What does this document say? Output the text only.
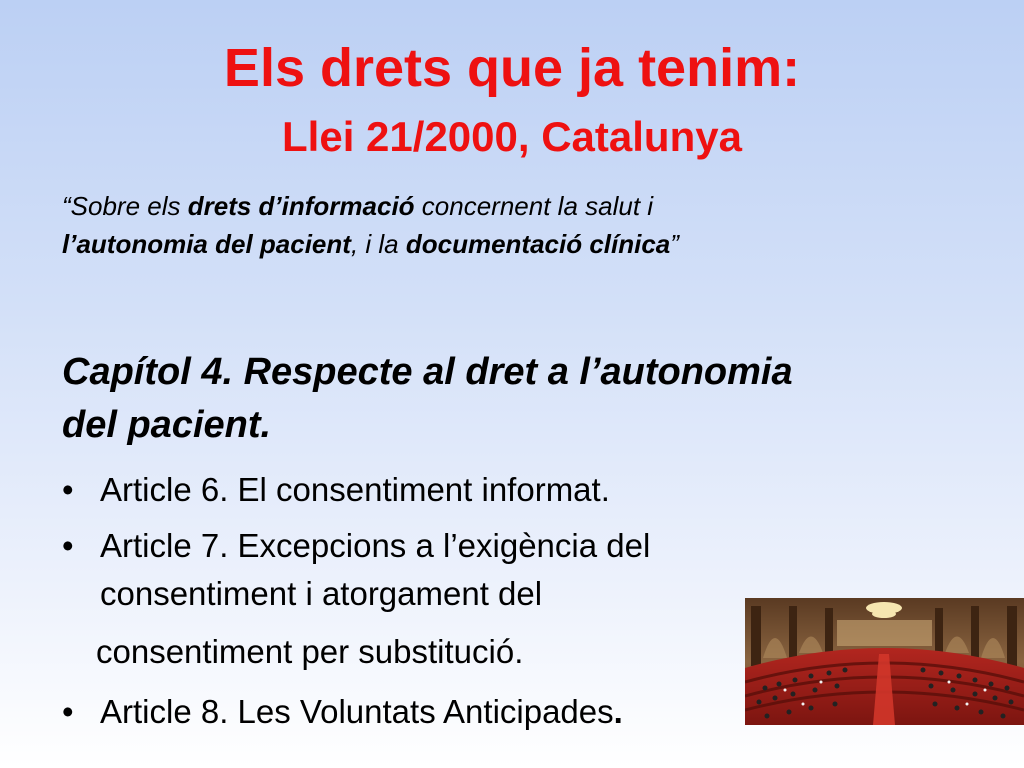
Els drets que ja tenim:
Llei 21/2000, Catalunya
“Sobre els drets d’informació concernent la salut i
l’autonomia del pacient, i la documentació clínica”
Capítol 4. Respecte al dret a l’autonomia
del pacient.
• Article 6. El consentiment informat.
• Article 7. Excepcions a l’exigència del
consentiment i atorgament del
consentiment per substitució.
• Article 8. Les Voluntats Anticipades.
